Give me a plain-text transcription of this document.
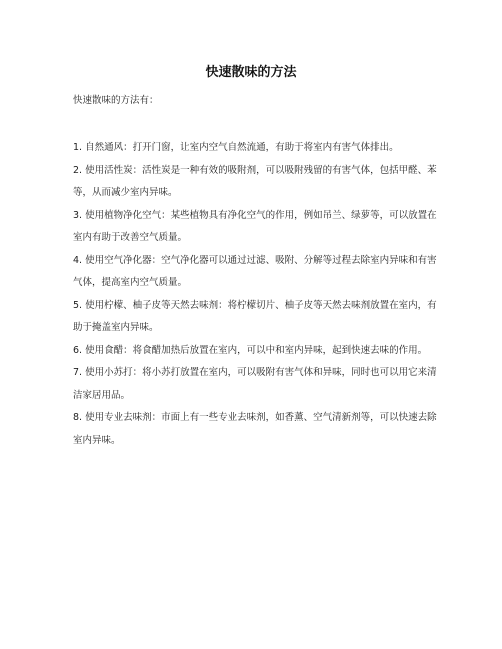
快速散味的方法
快速散味的方法有：
1. 自然通风：打开门窗，让室内空气自然流通，有助于将室内有害气体排出。
2. 使用活性炭：活性炭是一种有效的吸附剂，可以吸附残留的有害气体，包括甲醛、苯等，从而减少室内异味。
3. 使用植物净化空气：某些植物具有净化空气的作用，例如吊兰、绿萝等，可以放置在室内有助于改善空气质量。
4. 使用空气净化器：空气净化器可以通过过滤、吸附、分解等过程去除室内异味和有害气体，提高室内空气质量。
5. 使用柠檬、柚子皮等天然去味剂：将柠檬切片、柚子皮等天然去味剂放置在室内，有助于掩盖室内异味。
6. 使用食醋：将食醋加热后放置在室内，可以中和室内异味，起到快速去味的作用。
7. 使用小苏打：将小苏打放置在室内，可以吸附有害气体和异味，同时也可以用它来清洁家居用品。
8. 使用专业去味剂：市面上有一些专业去味剂，如香薰、空气清新剂等，可以快速去除室内异味。
